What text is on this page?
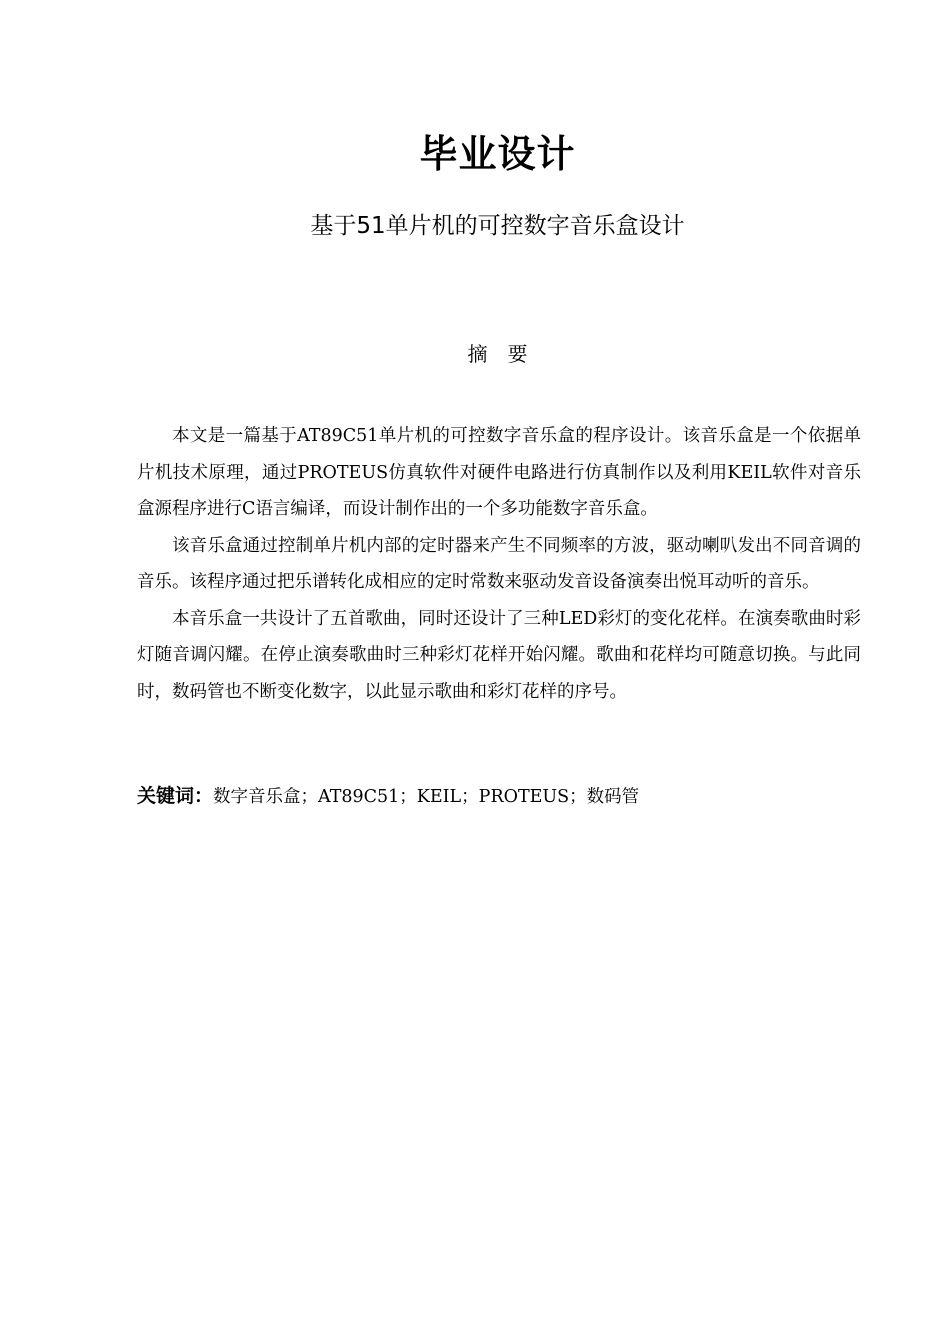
毕业设计
基于51单片机的可控数字音乐盒设计
摘　要

本文是一篇基于AT89C51单片机的可控数字音乐盒的程序设计。该音乐盒是一个依据单片机技术原理，通过PROTEUS仿真软件对硬件电路进行仿真制作以及利用KEIL软件对音乐盒源程序进行C语言编译，而设计制作出的一个多功能数字音乐盒。

该音乐盒通过控制单片机内部的定时器来产生不同频率的方波，驱动喇叭发出不同音调的音乐。该程序通过把乐谱转化成相应的定时常数来驱动发音设备演奏出悦耳动听的音乐。

本音乐盒一共设计了五首歌曲，同时还设计了三种LED彩灯的变化花样。在演奏歌曲时彩灯随音调闪耀。在停止演奏歌曲时三种彩灯花样开始闪耀。歌曲和花样均可随意切换。与此同时，数码管也不断变化数字，以此显示歌曲和彩灯花样的序号。

关键词：数字音乐盒；AT89C51；KEIL；PROTEUS；数码管
